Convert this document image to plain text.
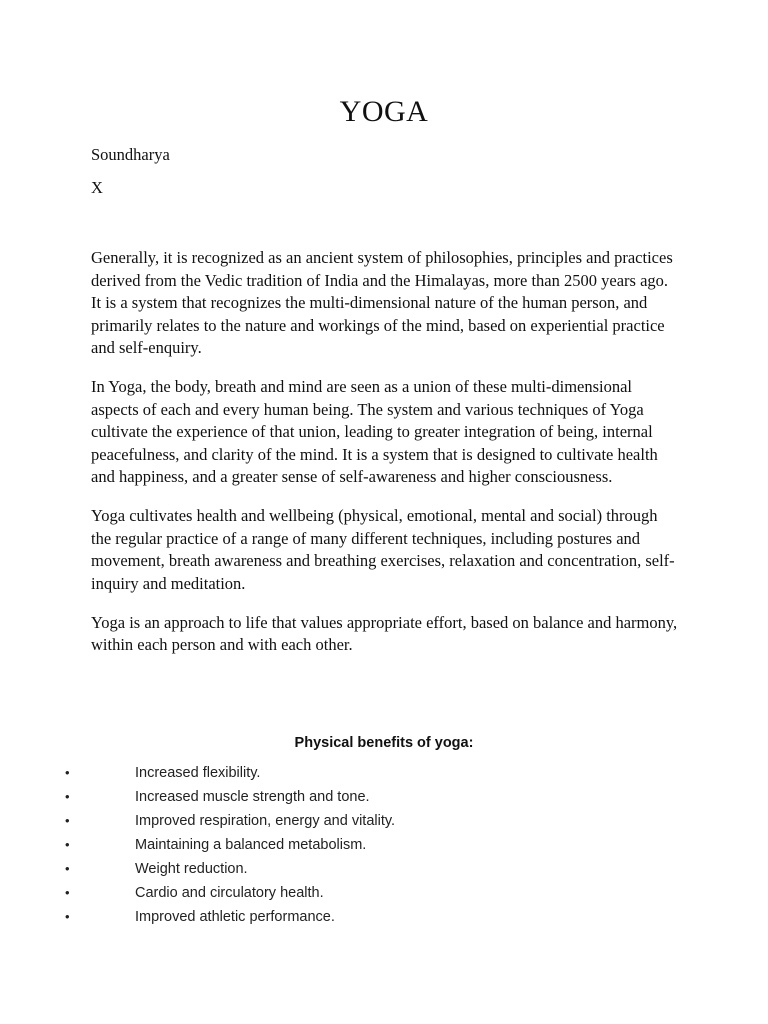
YOGA
Soundharya
X

Generally, it is recognized as an ancient system of philosophies, principles and practices derived from the Vedic tradition of India and the Himalayas, more than 2500 years ago. It is a system that recognizes the multi-dimensional nature of the human person, and primarily relates to the nature and workings of the mind, based on experiential practice and self-enquiry.

In Yoga, the body, breath and mind are seen as a union of these multi-dimensional aspects of each and every human being. The system and various techniques of Yoga cultivate the experience of that union, leading to greater integration of being, internal peacefulness, and clarity of the mind. It is a system that is designed to cultivate health and happiness, and a greater sense of self-awareness and higher consciousness.

Yoga cultivates health and wellbeing (physical, emotional, mental and social) through the regular practice of a range of many different techniques, including postures and movement, breath awareness and breathing exercises, relaxation and concentration, self-inquiry and meditation.

Yoga is an approach to life that values appropriate effort, based on balance and harmony, within each person and with each other.

Physical benefits of yoga:
•	Increased flexibility.
•	Increased muscle strength and tone.
•	Improved respiration, energy and vitality.
•	Maintaining a balanced metabolism.
•	Weight reduction.
•	Cardio and circulatory health.
•	Improved athletic performance.
